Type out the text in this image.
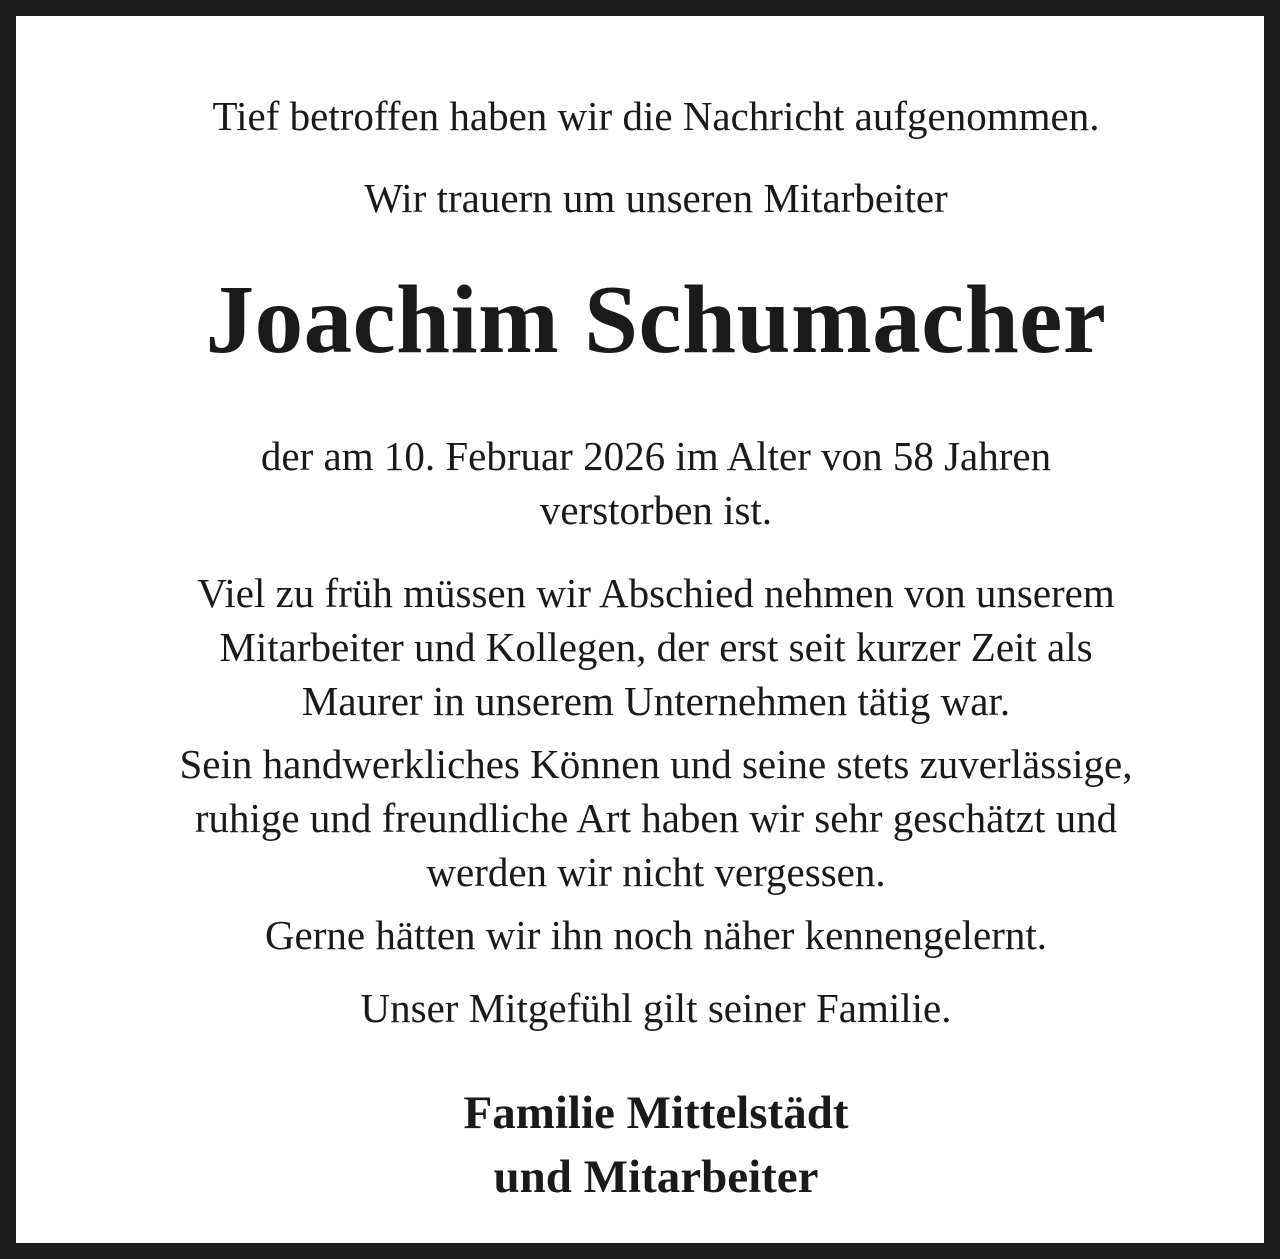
Tief betroffen haben wir die Nachricht aufgenommen.
Wir trauern um unseren Mitarbeiter
Joachim Schumacher
der am 10. Februar 2026 im Alter von 58 Jahren
verstorben ist.
Viel zu früh müssen wir Abschied nehmen von unserem
Mitarbeiter und Kollegen, der erst seit kurzer Zeit als
Maurer in unserem Unternehmen tätig war.
Sein handwerkliches Können und seine stets zuverlässige,
ruhige und freundliche Art haben wir sehr geschätzt und
werden wir nicht vergessen.
Gerne hätten wir ihn noch näher kennengelernt.
Unser Mitgefühl gilt seiner Familie.
Familie Mittelstädt
und Mitarbeiter
